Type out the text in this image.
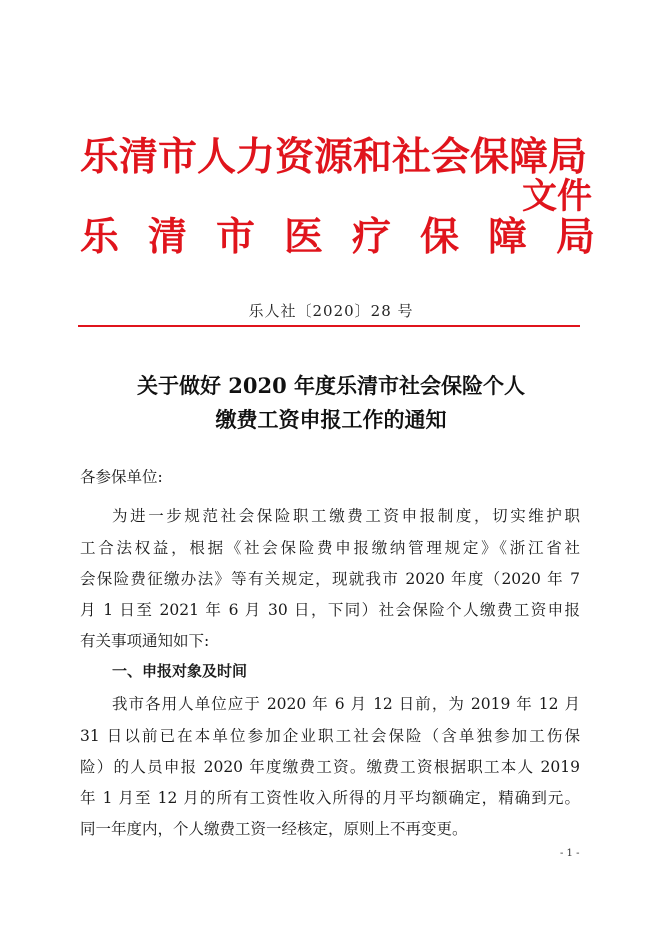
乐清市人力资源和社会保障局
乐清市医疗保障局
文件
乐人社〔2020〕28 号
关于做好 2020 年度乐清市社会保险个人
缴费工资申报工作的通知
各参保单位:
为进一步规范社会保险职工缴费工资申报制度，切实维护职
工合法权益，根据《社会保险费申报缴纳管理规定》《浙江省社
会保险费征缴办法》等有关规定，现就我市 2020 年度（2020 年 7
月 1 日至 2021 年 6 月 30 日，下同）社会保险个人缴费工资申报
有关事项通知如下:
一、申报对象及时间
我市各用人单位应于 2020 年 6 月 12 日前，为 2019 年 12 月
31 日以前已在本单位参加企业职工社会保险（含单独参加工伤保
险）的人员申报 2020 年度缴费工资。缴费工资根据职工本人 2019
年 1 月至 12 月的所有工资性收入所得的月平均额确定，精确到元。
同一年度内，个人缴费工资一经核定，原则上不再变更。
- 1 -
